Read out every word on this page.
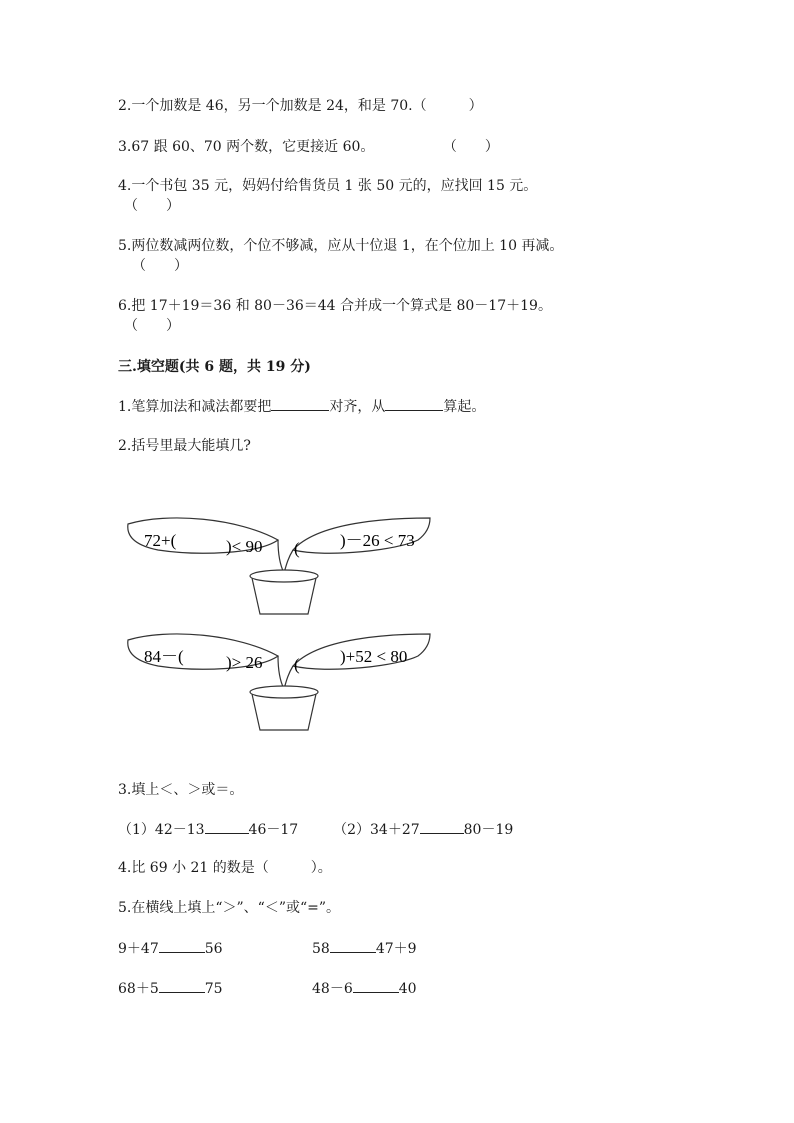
2.一个加数是 46，另一个加数是 24，和是 70.（　　　）
3.67 跟 60、70 两个数，它更接近 60。	（　　）
4.一个书包 35 元，妈妈付给售货员 1 张 50 元的，应找回 15 元。
（　　）
5.两位数减两位数，个位不够减，应从十位退 1，在个位加上 10 再减。
（　　）
6.把 17＋19＝36 和 80－36＝44 合并成一个算式是 80－17＋19。
（　　）
三.填空题(共 6 题，共 19 分)
1.笔算加法和减法都要把	对齐，从	算起。
2.括号里最大能填几?
72+(	)< 90 ( )－26 < 73
84－( )> 26 ( )+52 < 80
3.填上＜、＞或＝。
（1）42－13	46－17 （2）34＋27	80－19
4.比 69 小 21 的数是（　　　）。
5.在横线上填上“＞”、“＜”或“=”。
9＋47	56	58	47＋9
68＋5	75	48－6	40
